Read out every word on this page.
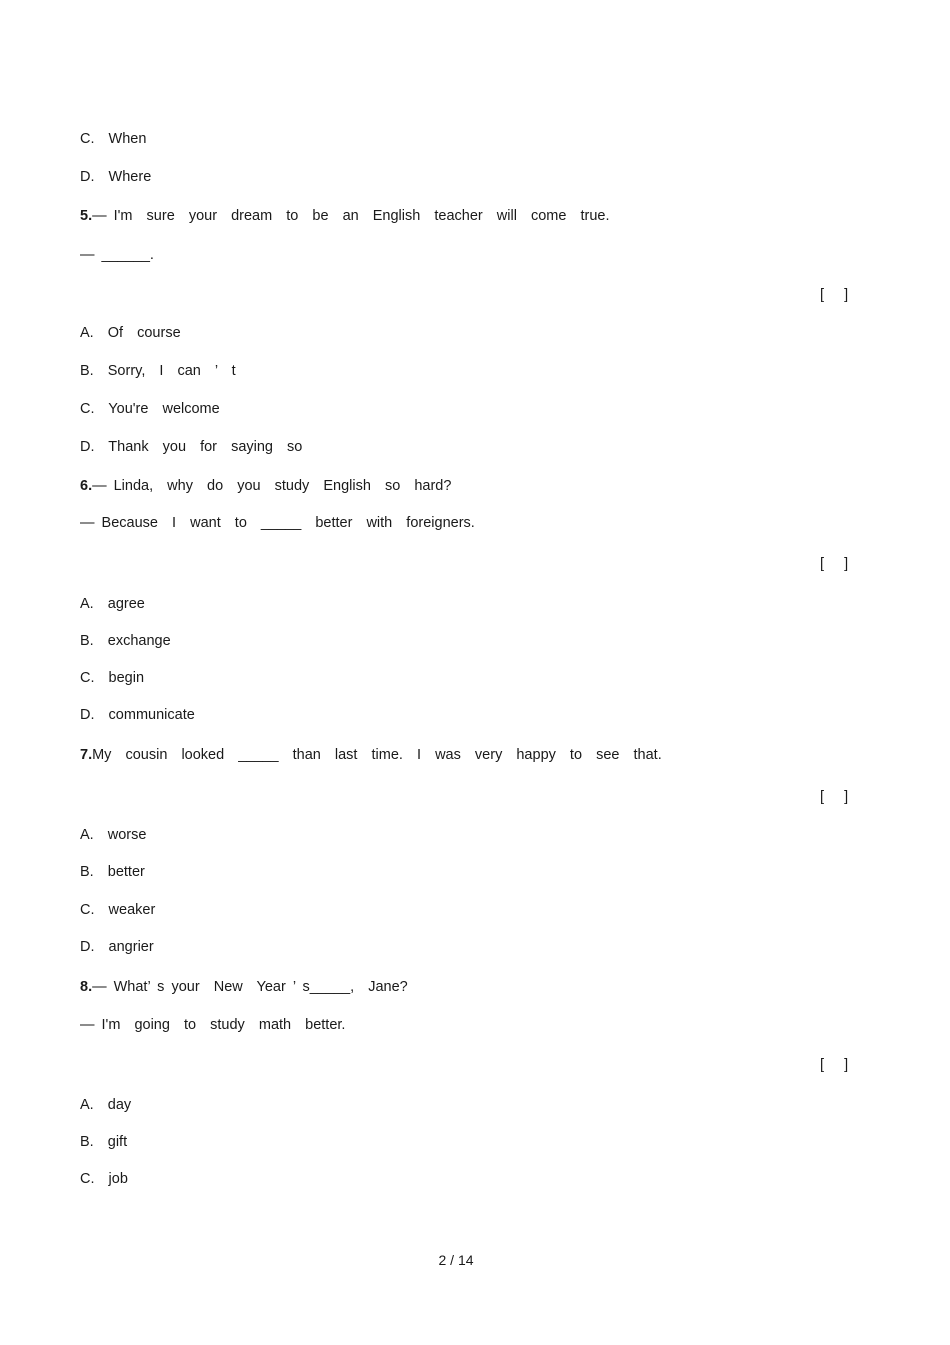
C.  When
D.  Where
5.— I'm  sure  your  dream  to  be  an  English  teacher  will  come  true.
— ______.
[     ]
A.  Of  course
B.  Sorry,  I  can  ’  t
C.  You're  welcome
D.  Thank  you  for  saying  so
6.— Linda,  why  do  you  study  English  so  hard?
— Because  I  want  to  _____  better  with  foreigners.
[     ]
A.  agree
B.  exchange
C.  begin
D.  communicate
7.My  cousin  looked  _____  than  last  time.  I  was  very  happy  to  see  that.
[     ]
A.  worse
B.  better
C.  weaker
D.  angrier
8.— What’ s your  New  Year ’ s_____,  Jane?
— I'm  going  to  study  math  better.
[     ]
A.  day
B.  gift
C.  job
2 / 14
